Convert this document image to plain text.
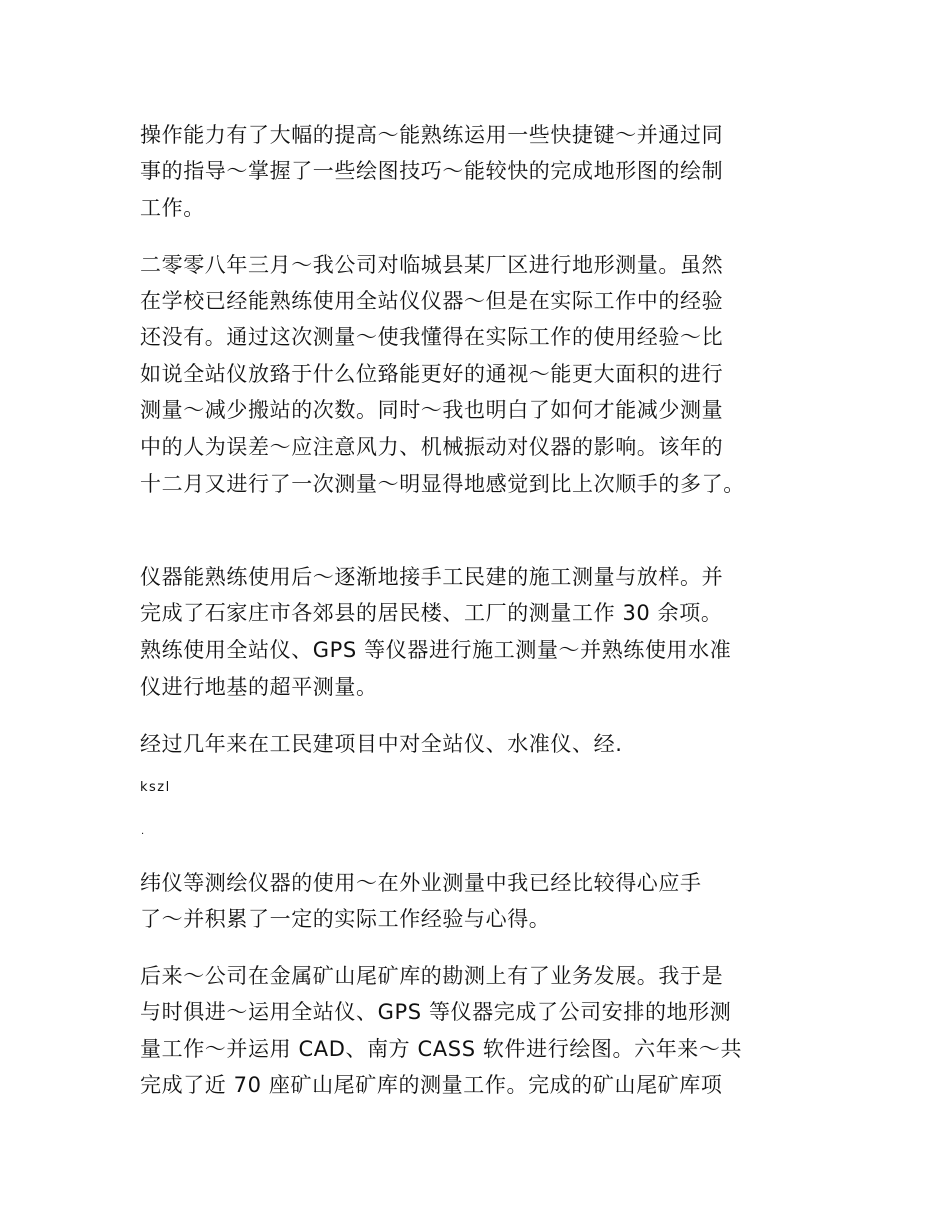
操作能力有了大幅的提高～能熟练运用一些快捷键～并通过同
事的指导～掌握了一些绘图技巧～能较快的完成地形图的绘制
工作。
二零零八年三月～我公司对临城县某厂区进行地形测量。虽然
在学校已经能熟练使用全站仪仪器～但是在实际工作中的经验
还没有。通过这次测量～使我懂得在实际工作的使用经验～比
如说全站仪放臵于什么位臵能更好的通视～能更大面积的进行
测量～减少搬站的次数。同时～我也明白了如何才能减少测量
中的人为误差～应注意风力、机械振动对仪器的影响。该年的
十二月又进行了一次测量～明显得地感觉到比上次顺手的多了。
仪器能熟练使用后～逐渐地接手工民建的施工测量与放样。并
完成了石家庄市各郊县的居民楼、工厂的测量工作 30 余项。
熟练使用全站仪、GPS 等仪器进行施工测量～并熟练使用水准
仪进行地基的超平测量。
经过几年来在工民建项目中对全站仪、水准仪、经.
kszl
.
纬仪等测绘仪器的使用～在外业测量中我已经比较得心应手
了～并积累了一定的实际工作经验与心得。
后来～公司在金属矿山尾矿库的勘测上有了业务发展。我于是
与时俱进～运用全站仪、GPS 等仪器完成了公司安排的地形测
量工作～并运用 CAD、南方 CASS 软件进行绘图。六年来～共
完成了近 70 座矿山尾矿库的测量工作。完成的矿山尾矿库项
